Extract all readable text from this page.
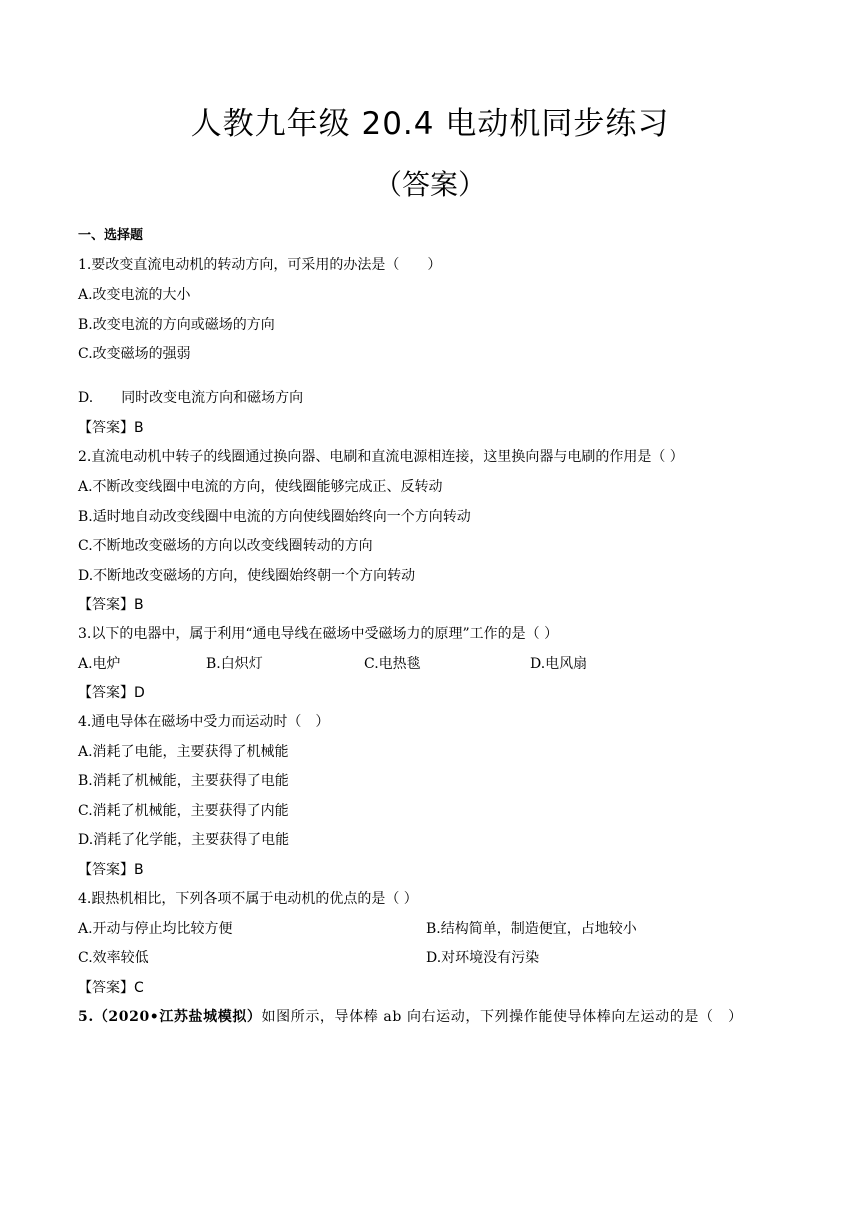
人教九年级 20.4 电动机同步练习
（答案）
一、选择题
1.要改变直流电动机的转动方向，可采用的办法是（　　）
A.改变电流的大小
B.改变电流的方向或磁场的方向
C.改变磁场的强弱
D. 同时改变电流方向和磁场方向
【答案】B
2.直流电动机中转子的线圈通过换向器、电刷和直流电源相连接，这里换向器与电刷的作用是（ ）
A.不断改变线圈中电流的方向，使线圈能够完成正、反转动
B.适时地自动改变线圈中电流的方向使线圈始终向一个方向转动
C.不断地改变磁场的方向以改变线圈转动的方向
D.不断地改变磁场的方向，使线圈始终朝一个方向转动
【答案】B
3.以下的电器中，属于利用“通电导线在磁场中受磁场力的原理”工作的是（ ）
A.电炉	B.白炽灯	C.电热毯	D.电风扇
【答案】D
4.通电导体在磁场中受力而运动时（　）
A.消耗了电能，主要获得了机械能
B.消耗了机械能，主要获得了电能
C.消耗了机械能，主要获得了内能
D.消耗了化学能，主要获得了电能
【答案】B
4.跟热机相比，下列各项不属于电动机的优点的是（ ）
A.开动与停止均比较方便	B.结构简单，制造便宜，占地较小
C.效率较低	D.对环境没有污染
【答案】C
5.（2020•江苏盐城模拟）如图所示，导体棒 ab 向右运动，下列操作能使导体棒向左运动的是（　）
